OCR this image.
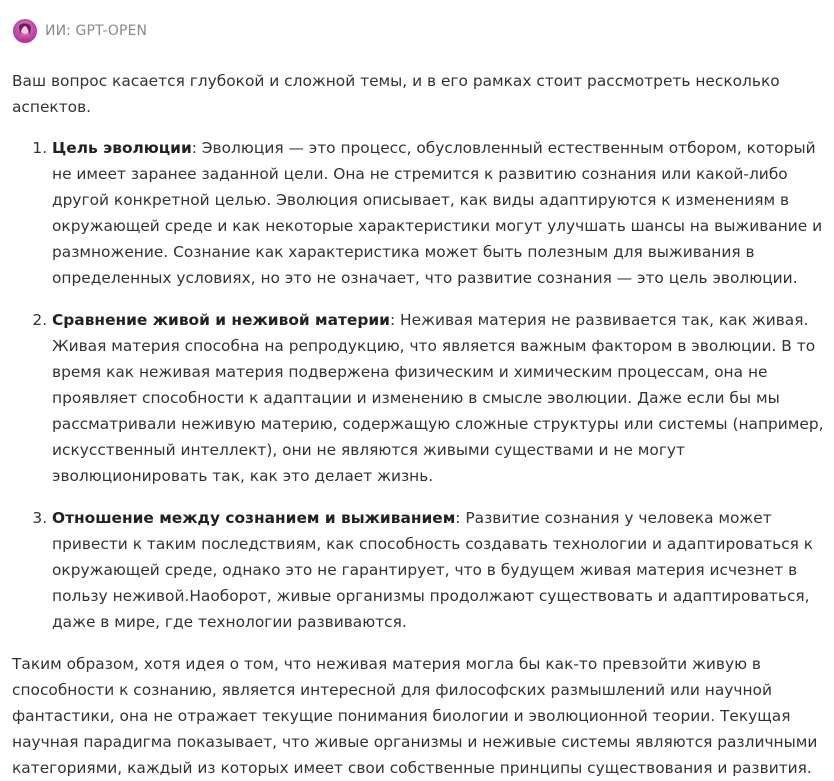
ИИ: GPT-OPEN

Ваш вопрос касается глубокой и сложной темы, и в его рамках стоит рассмотреть несколько аспектов.

1. Цель эволюции: Эволюция — это процесс, обусловленный естественным отбором, который не имеет заранее заданной цели. Она не стремится к развитию сознания или какой-либо другой конкретной целью. Эволюция описывает, как виды адаптируются к изменениям в окружающей среде и как некоторые характеристики могут улучшать шансы на выживание и размножение. Сознание как характеристика может быть полезным для выживания в определенных условиях, но это не означает, что развитие сознания — это цель эволюции.
2. Сравнение живой и неживой материи: Неживая материя не развивается так, как живая. Живая материя способна на репродукцию, что является важным фактором в эволюции. В то время как неживая материя подвержена физическим и химическим процессам, она не проявляет способности к адаптации и изменению в смысле эволюции. Даже если бы мы рассматривали неживую материю, содержащую сложные структуры или системы (например, искусственный интеллект), они не являются живыми существами и не могут эволюционировать так, как это делает жизнь.
3. Отношение между сознанием и выживанием: Развитие сознания у человека может привести к таким последствиям, как способность создавать технологии и адаптироваться к окружающей среде, однако это не гарантирует, что в будущем живая материя исчезнет в пользу неживой.Наоборот, живые организмы продолжают существовать и адаптироваться, даже в мире, где технологии развиваются.

Таким образом, хотя идея о том, что неживая материя могла бы как-то превзойти живую в способности к сознанию, является интересной для философских размышлений или научной фантастики, она не отражает текущие понимания биологии и эволюционной теории. Текущая научная парадигма показывает, что живые организмы и неживые системы являются различными категориями, каждый из которых имеет свои собственные принципы существования и развития.
